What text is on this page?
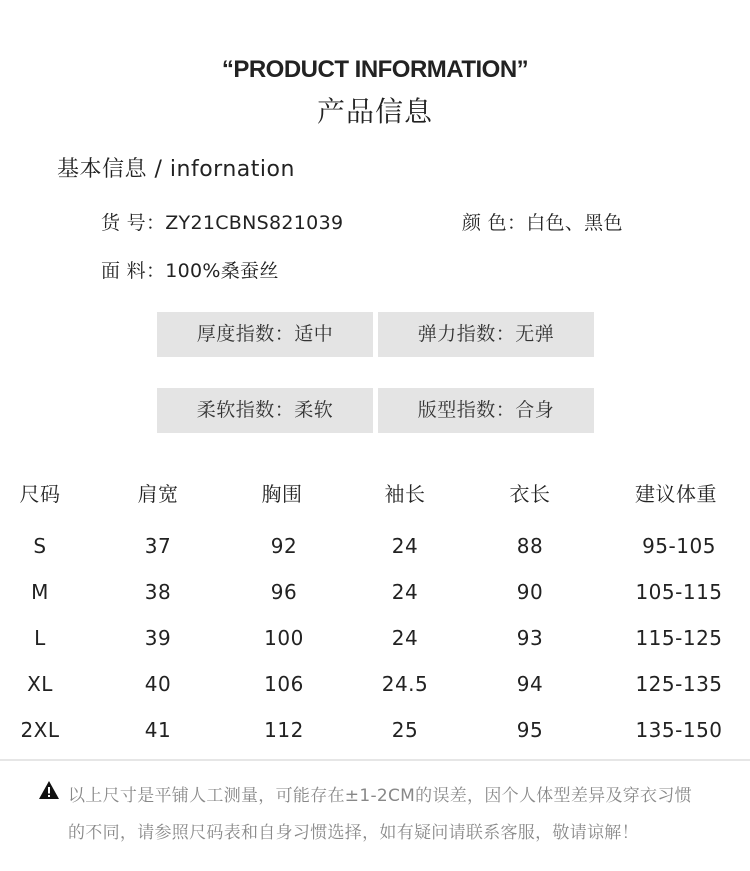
“PRODUCT INFORMATION”
产品信息
基本信息 / infornation
货 号：ZY21CBNS821039	颜 色：白色、黑色
面 料：100%桑蚕丝
厚度指数：适中	弹力指数：无弹
柔软指数：柔软	版型指数：合身
尺码	肩宽	胸围	袖长	衣长	建议体重
S	37	92	24	88	95-105
M	38	96	24	90	105-115
L	39	100	24	93	115-125
XL	40	106	24.5	94	125-135
2XL	41	112	25	95	135-150
以上尺寸是平铺人工测量，可能存在±1-2CM的误差，因个人体型差异及穿衣习惯
的不同，请参照尺码表和自身习惯选择，如有疑问请联系客服，敬请谅解！
